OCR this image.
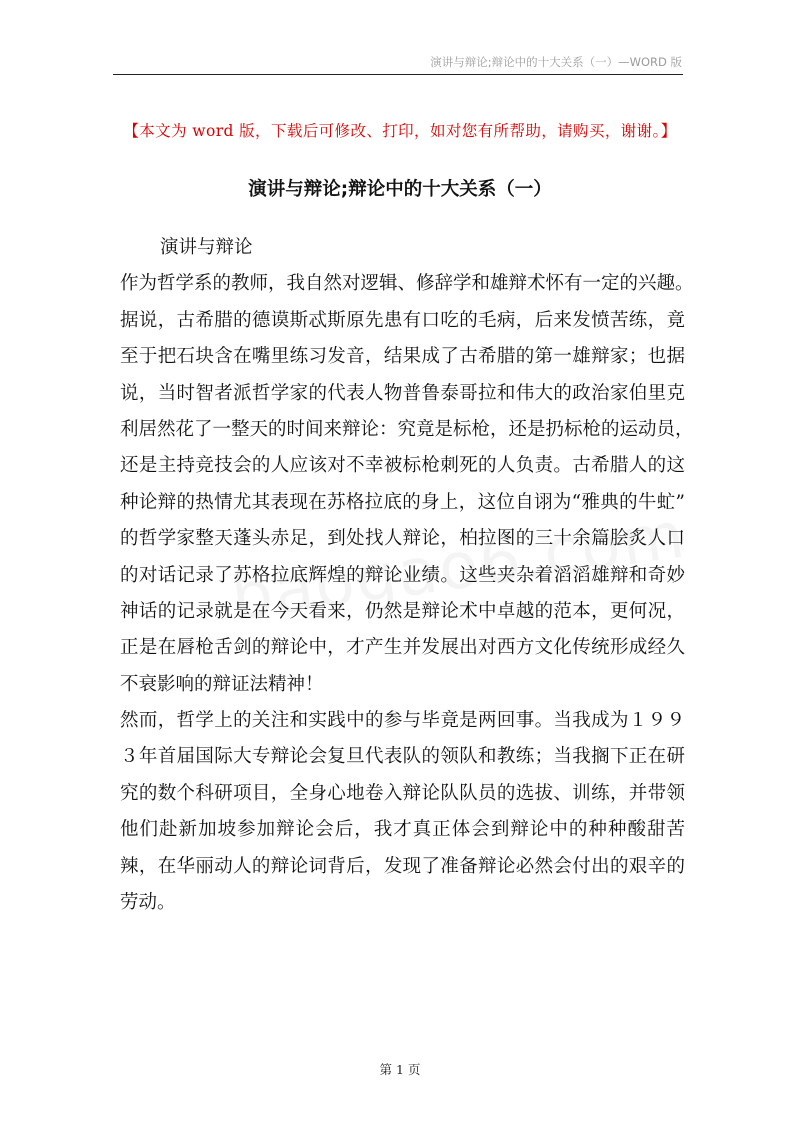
演讲与辩论;辩论中的十大关系（一）—WORD 版
【本文为 word 版，下载后可修改、打印，如对您有所帮助，请购买，谢谢。】
演讲与辩论;辩论中的十大关系（一）
演讲与辩论
作为哲学系的教师，我自然对逻辑、修辞学和雄辩术怀有一定的兴趣。
据说，古希腊的德谟斯忒斯原先患有口吃的毛病，后来发愤苦练，竟
至于把石块含在嘴里练习发音，结果成了古希腊的第一雄辩家；也据
说，当时智者派哲学家的代表人物普鲁泰哥拉和伟大的政治家伯里克
利居然花了一整天的时间来辩论：究竟是标枪，还是扔标枪的运动员，
还是主持竞技会的人应该对不幸被标枪刺死的人负责。古希腊人的这
种论辩的热情尤其表现在苏格拉底的身上，这位自诩为“雅典的牛虻”
的哲学家整天蓬头赤足，到处找人辩论，柏拉图的三十余篇脍炙人口
的对话记录了苏格拉底辉煌的辩论业绩。这些夹杂着滔滔雄辩和奇妙
神话的记录就是在今天看来，仍然是辩论术中卓越的范本，更何况，
正是在唇枪舌剑的辩论中，才产生并发展出对西方文化传统形成经久
不衰影响的辩证法精神！
然而，哲学上的关注和实践中的参与毕竟是两回事。当我成为１９９
３年首届国际大专辩论会复旦代表队的领队和教练；当我搁下正在研
究的数个科研项目，全身心地卷入辩论队队员的选拔、训练，并带领
他们赴新加坡参加辩论会后，我才真正体会到辩论中的种种酸甜苦
辣，在华丽动人的辩论词背后，发现了准备辩论必然会付出的艰辛的
劳动。
第 1 页
